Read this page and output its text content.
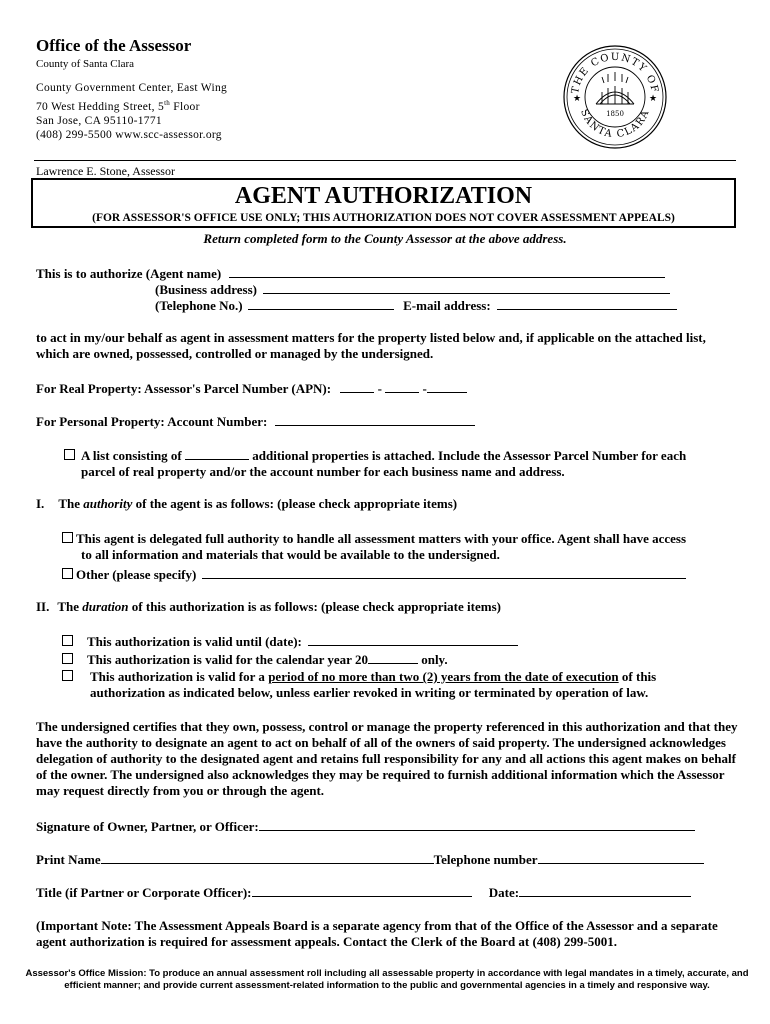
Office of the Assessor
County of Santa Clara
County Government Center, East Wing
70 West Hedding Street, 5th Floor
San Jose, CA 95110-1771
(408) 299-5500 www.scc-assessor.org
THE COUNTY OF
SANTA CLARA
★	★
1850
Lawrence E. Stone, Assessor
AGENT AUTHORIZATION
(FOR ASSESSOR'S OFFICE USE ONLY; THIS AUTHORIZATION DOES NOT COVER ASSESSMENT APPEALS)
Return completed form to the County Assessor at the above address.
This is to authorize (Agent name)
(Business address)
(Telephone No.)	E-mail address:
to act in my/our behalf as agent in assessment matters for the property listed below and, if applicable on the attached list, which are owned, possessed, controlled or managed by the undersigned.
For Real Property: Assessor's Parcel Number (APN):	-	-
For Personal Property: Account Number:
A list consisting of	additional properties is attached. Include the Assessor Parcel Number for each
parcel of real property and/or the account number for each business name and address.
I. The authority of the agent is as follows: (please check appropriate items)
This agent is delegated full authority to handle all assessment matters with your office. Agent shall have access
to all information and materials that would be available to the undersigned.
Other (please specify)
II. The duration of this authorization is as follows: (please check appropriate items)
This authorization is valid until (date):
This authorization is valid for the calendar year 20	only.
This authorization is valid for a period of no more than two (2) years from the date of execution of this
authorization as indicated below, unless earlier revoked in writing or terminated by operation of law.
The undersigned certifies that they own, possess, control or manage the property referenced in this authorization and that they have the authority to designate an agent to act on behalf of all of the owners of said property. The undersigned acknowledges delegation of authority to the designated agent and retains full responsibility for any and all actions this agent makes on behalf of the owner. The undersigned also acknowledges they may be required to furnish additional information which the Assessor may request directly from you or through the agent.
Signature of Owner, Partner, or Officer:
Print Name	Telephone number
Title (if Partner or Corporate Officer):	Date:
(Important Note: The Assessment Appeals Board is a separate agency from that of the Office of the Assessor and a separate agent authorization is required for assessment appeals. Contact the Clerk of the Board at (408) 299-5001.
Assessor's Office Mission: To produce an annual assessment roll including all assessable property in accordance with legal mandates in a timely, accurate, and efficient manner; and provide current assessment-related information to the public and governmental agencies in a timely and responsive way.
